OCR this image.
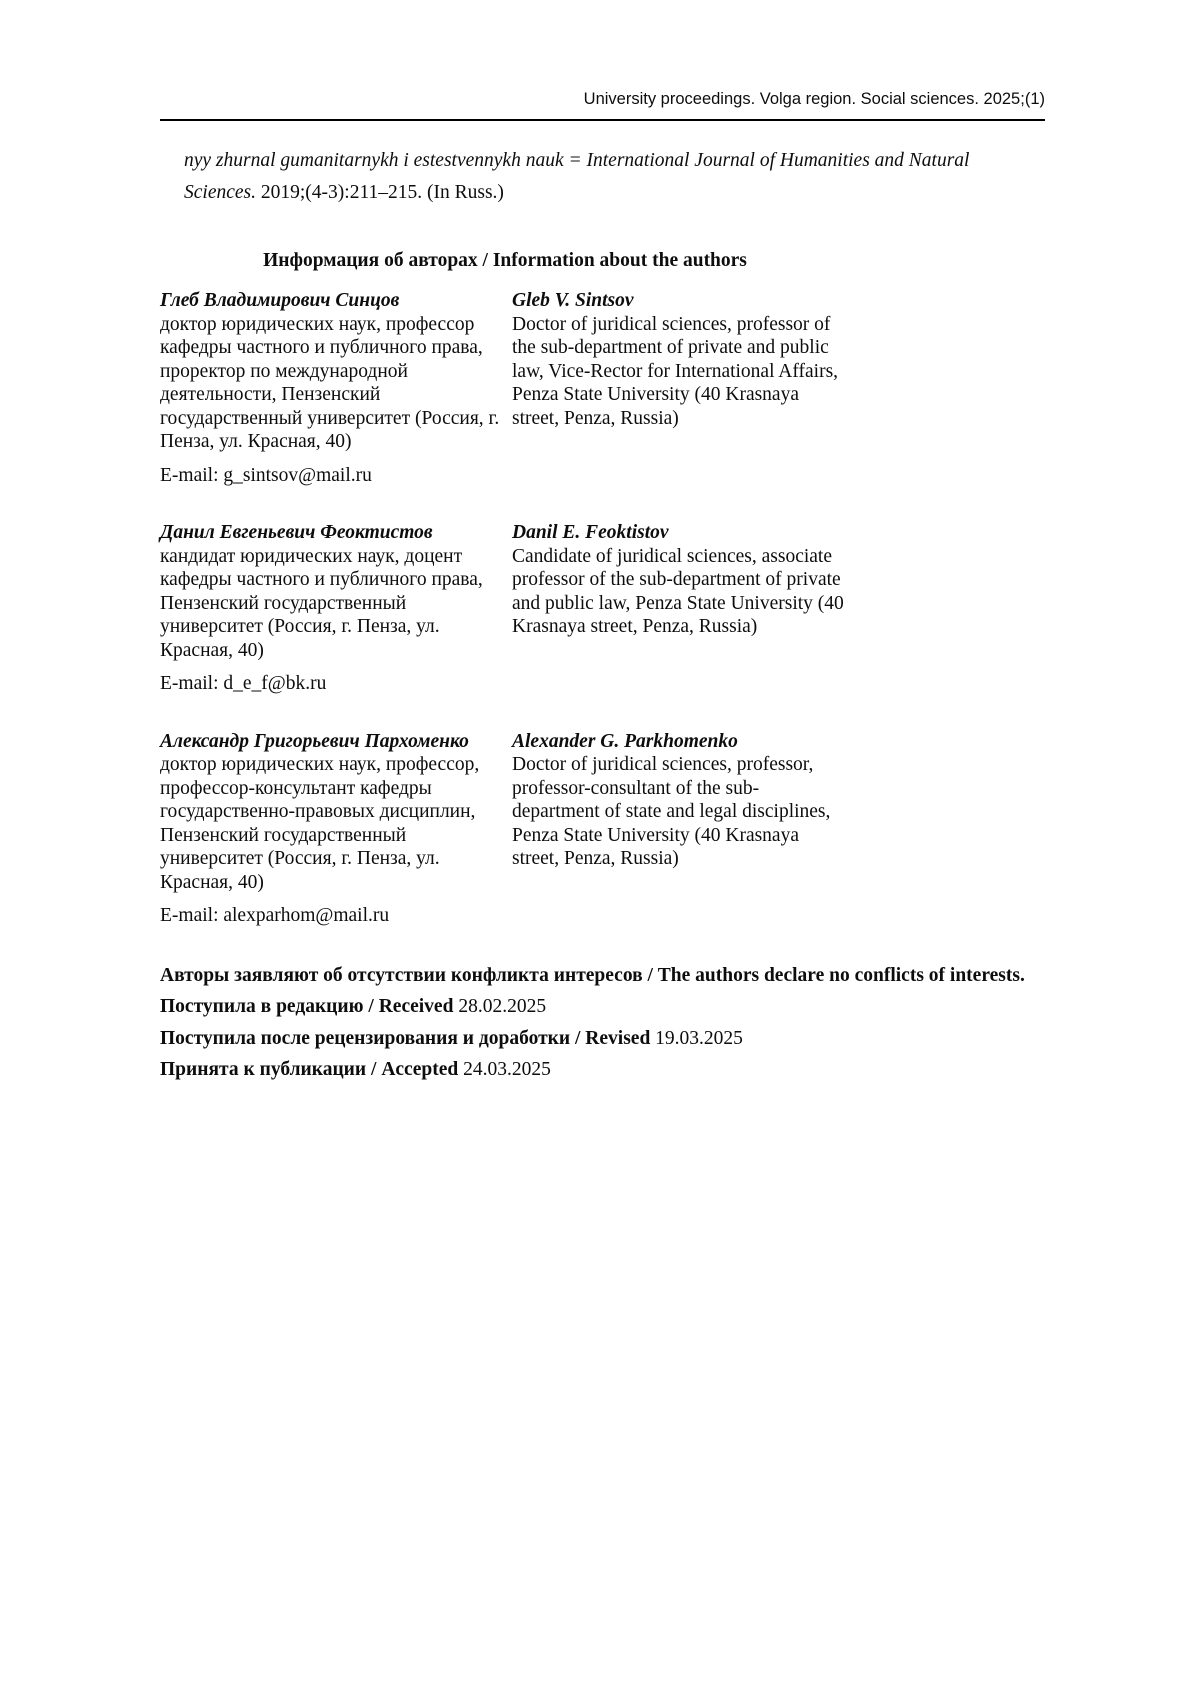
University proceedings. Volga region. Social sciences. 2025;(1)

nyy zhurnal gumanitarnykh i estestvennykh nauk = International Journal of Humanities and Natural Sciences. 2019;(4-3):211–215. (In Russ.)

Информация об авторах / Information about the authors
Глеб Владимирович Синцов
доктор юридических наук, профессор кафедры частного и публичного права, проректор по международной деятельности, Пензенский государственный университет (Россия, г. Пенза, ул. Красная, 40)
Gleb V. Sintsov
Doctor of juridical sciences, professor of the sub-department of private and public law, Vice-Rector for International Affairs, Penza State University (40 Krasnaya street, Penza, Russia)
E-mail: g_sintsov@mail.ru
Данил Евгеньевич Феоктистов
кандидат юридических наук, доцент кафедры частного и публичного права, Пензенский государственный университет (Россия, г. Пенза, ул. Красная, 40)
Danil E. Feoktistov
Candidate of juridical sciences, associate professor of the sub-department of private and public law, Penza State University (40 Krasnaya street, Penza, Russia)
E-mail: d_e_f@bk.ru
Александр Григорьевич Пархоменко
доктор юридических наук, профессор, профессор-консультант кафедры государственно-правовых дисциплин, Пензенский государственный университет (Россия, г. Пенза, ул. Красная, 40)
Alexander G. Parkhomenko
Doctor of juridical sciences, professor, professor-consultant of the sub-department of state and legal disciplines, Penza State University (40 Krasnaya street, Penza, Russia)
E-mail: alexparhom@mail.ru

Авторы заявляют об отсутствии конфликта интересов / The authors declare no conflicts of interests.

Поступила в редакцию / Received 28.02.2025

Поступила после рецензирования и доработки / Revised 19.03.2025

Принята к публикации / Accepted 24.03.2025
